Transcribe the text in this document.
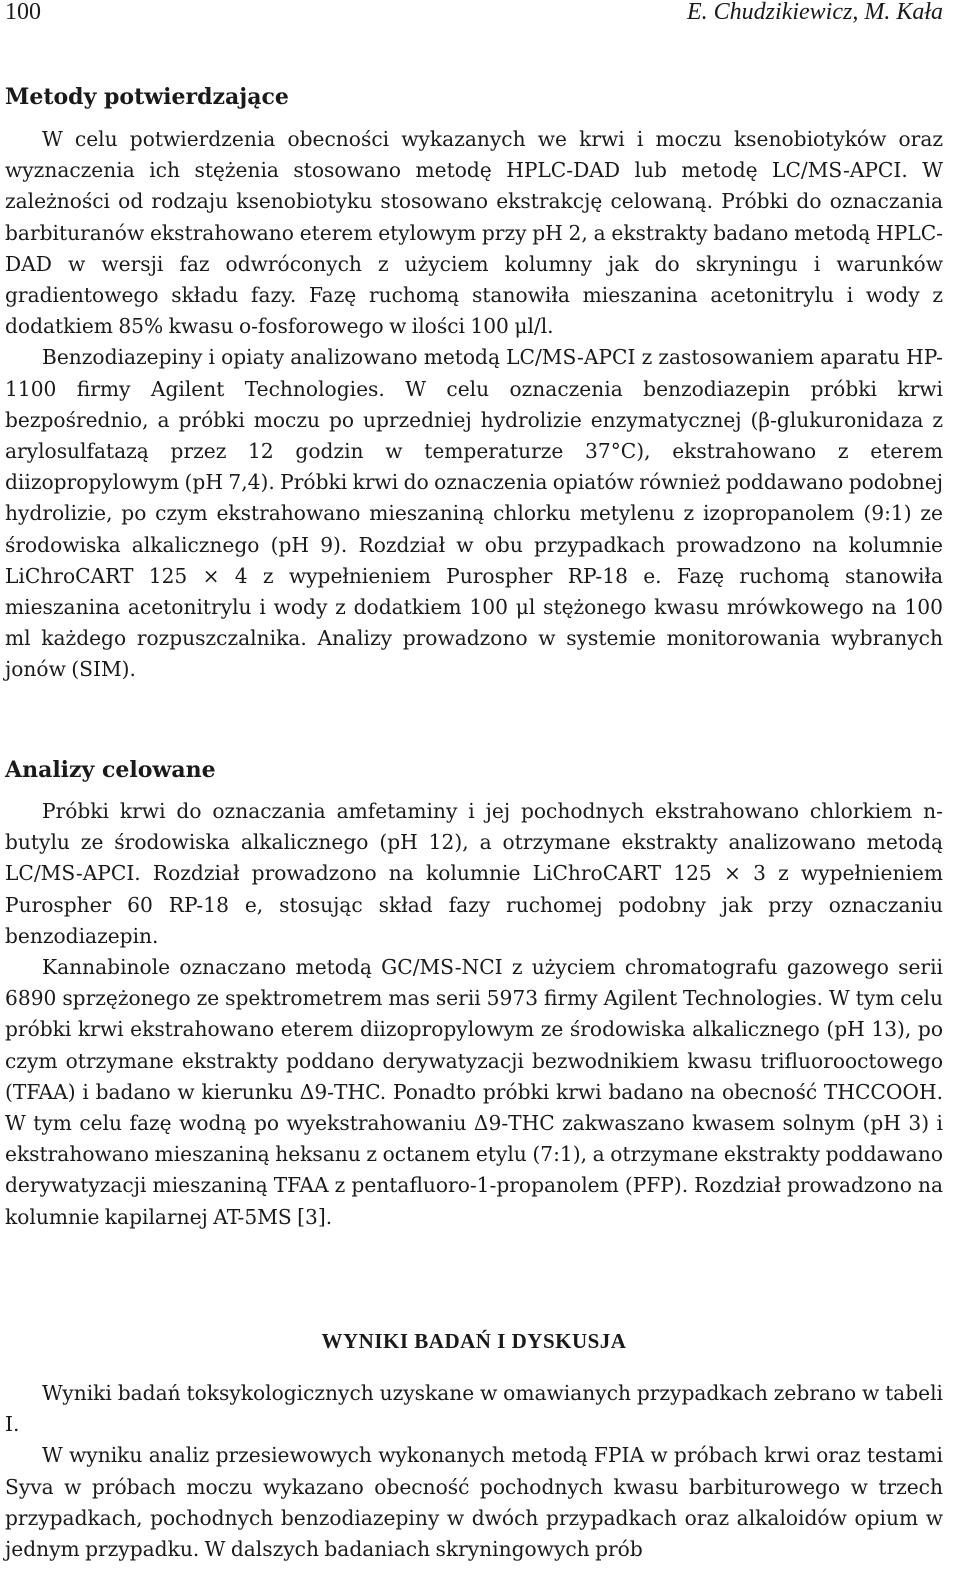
100	E. Chudzikiewicz, M. Kała
Metody potwierdzające

W celu potwierdzenia obecności wykazanych we krwi i moczu ksenobiotyków oraz wyznaczenia ich stężenia stosowano metodę HPLC-DAD lub metodę LC/MS-APCI. W zależności od rodzaju ksenobiotyku stosowano ekstrakcję celowaną. Próbki do oznaczania barbituranów ekstrahowano eterem etylowym przy pH 2, a ekstrakty badano metodą HPLC-DAD w wersji faz odwróconych z użyciem kolumny jak do skryningu i warunków gradientowego składu fazy. Fazę ruchomą stanowiła mieszanina acetonitrylu i wody z dodatkiem 85% kwasu o-fosforowego w ilości 100 μl/l.

Benzodiazepiny i opiaty analizowano metodą LC/MS-APCI z zastosowaniem aparatu HP-1100 firmy Agilent Technologies. W celu oznaczenia benzodiazepin próbki krwi bezpośrednio, a próbki moczu po uprzedniej hydrolizie enzymatycznej (β-glukuronidaza z arylosulfatazą przez 12 godzin w temperaturze 37°C), ekstrahowano z eterem diizopropylowym (pH 7,4). Próbki krwi do oznaczenia opiatów również poddawano podobnej hydrolizie, po czym ekstrahowano mieszaniną chlorku metylenu z izopropanolem (9:1) ze środowiska alkalicznego (pH 9). Rozdział w obu przypadkach prowadzono na kolumnie LiChroCART 125 × 4 z wypełnieniem Purospher RP-18 e. Fazę ruchomą stanowiła mieszanina acetonitrylu i wody z dodatkiem 100 μl stężonego kwasu mrówkowego na 100 ml każdego rozpuszczalnika. Analizy prowadzono w systemie monitorowania wybranych jonów (SIM).

Analizy celowane

Próbki krwi do oznaczania amfetaminy i jej pochodnych ekstrahowano chlorkiem n-butylu ze środowiska alkalicznego (pH 12), a otrzymane ekstrakty analizowano metodą LC/MS-APCI. Rozdział prowadzono na kolumnie LiChroCART 125 × 3 z wypełnieniem Purospher 60 RP-18 e, stosując skład fazy ruchomej podobny jak przy oznaczaniu benzodiazepin.

Kannabinole oznaczano metodą GC/MS-NCI z użyciem chromatografu gazowego serii 6890 sprzężonego ze spektrometrem mas serii 5973 firmy Agilent Technologies. W tym celu próbki krwi ekstrahowano eterem diizopropylowym ze środowiska alkalicznego (pH 13), po czym otrzymane ekstrakty poddano derywatyzacji bezwodnikiem kwasu trifluorooctowego (TFAA) i badano w kierunku Δ9-THC. Ponadto próbki krwi badano na obecność THCCOOH. W tym celu fazę wodną po wyekstrahowaniu Δ9-THC zakwaszano kwasem solnym (pH 3) i ekstrahowano mieszaniną heksanu z octanem etylu (7:1), a otrzymane ekstrakty poddawano derywatyzacji mieszaniną TFAA z pentafluoro-1-propanolem (PFP). Rozdział prowadzono na kolumnie kapilarnej AT-5MS [3].

WYNIKI BADAŃ I DYSKUSJA

Wyniki badań toksykologicznych uzyskane w omawianych przypadkach zebrano w tabeli I.

W wyniku analiz przesiewowych wykonanych metodą FPIA w próbach krwi oraz testami Syva w próbach moczu wykazano obecność pochodnych kwasu barbiturowego w trzech przypadkach, pochodnych benzodiazepiny w dwóch przypadkach oraz alkaloidów opium w jednym przypadku. W dalszych badaniach skryningowych prób
